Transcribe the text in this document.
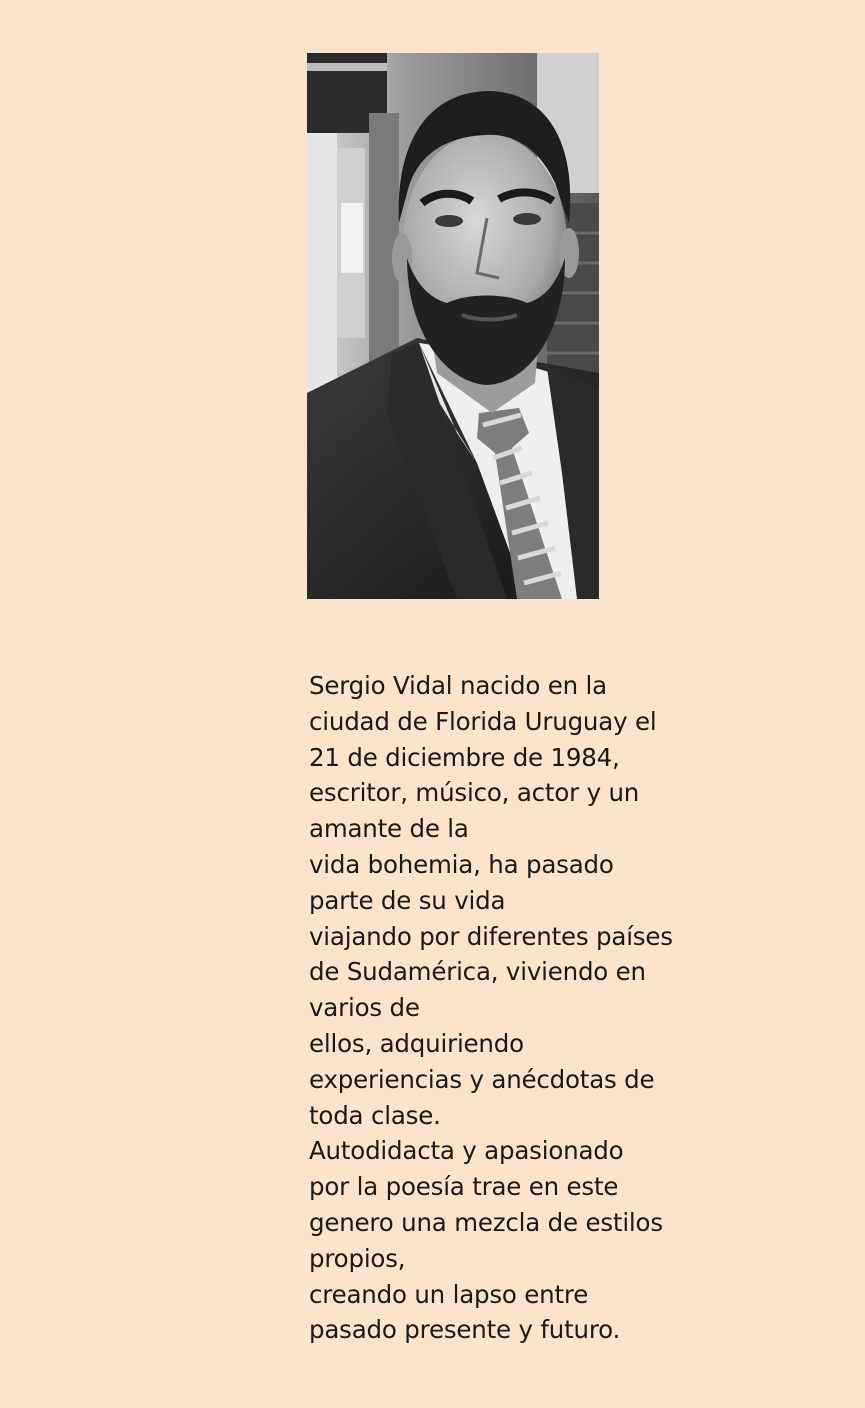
Sergio Vidal nacido en la
ciudad de Florida Uruguay el
21 de diciembre de 1984,
escritor, músico, actor y un
amante de la
vida bohemia, ha pasado
parte de su vida
viajando por diferentes países
de Sudamérica, viviendo en
varios de
ellos, adquiriendo
experiencias y anécdotas de
toda clase.
Autodidacta y apasionado
por la poesía trae en este
genero una mezcla de estilos
propios,
creando un lapso entre
pasado presente y futuro.
